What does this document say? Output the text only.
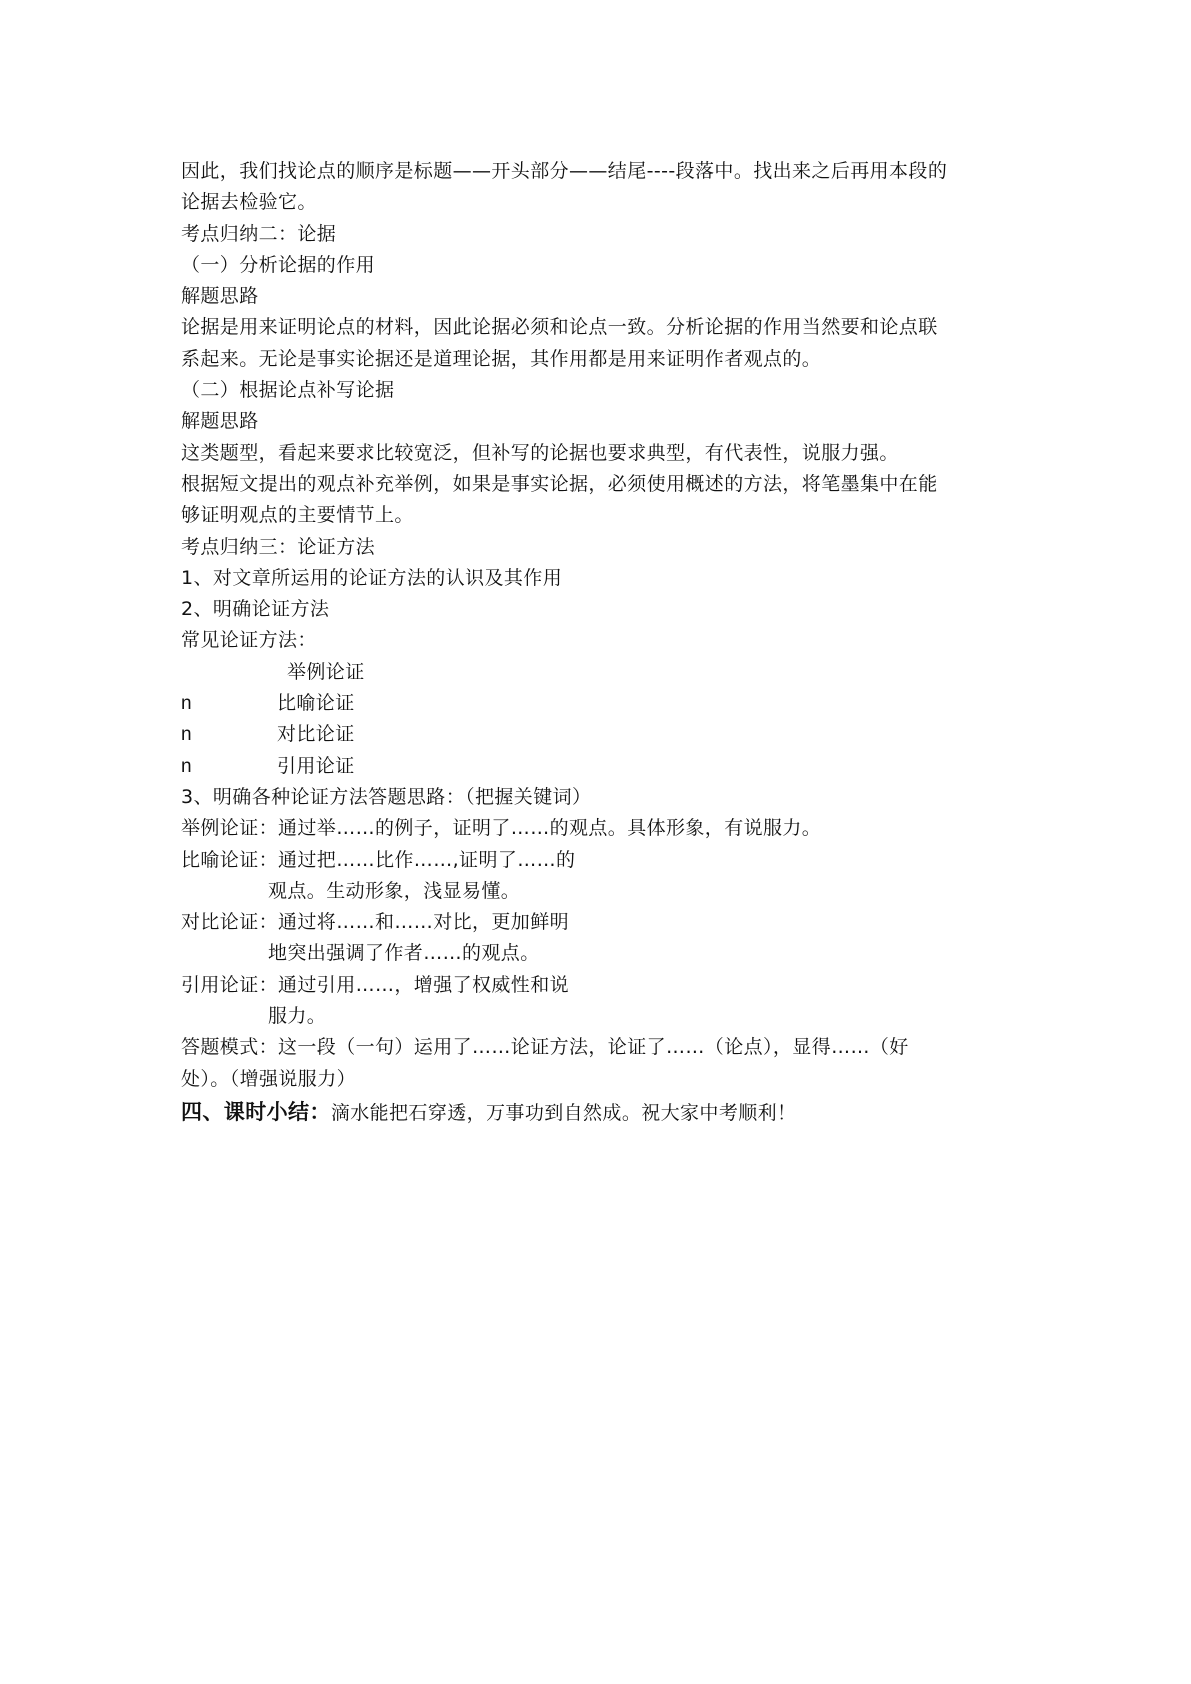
因此，我们找论点的顺序是标题——开头部分——结尾----段落中。找出来之后再用本段的

论据去检验它。

考点归纳二：论据

（一）分析论据的作用

解题思路

论据是用来证明论点的材料，因此论据必须和论点一致。分析论据的作用当然要和论点联

系起来。无论是事实论据还是道理论据，其作用都是用来证明作者观点的。

（二）根据论点补写论据

解题思路

这类题型，看起来要求比较宽泛，但补写的论据也要求典型，有代表性，说服力强。

根据短文提出的观点补充举例，如果是事实论据，必须使用概述的方法，将笔墨集中在能

够证明观点的主要情节上。

考点归纳三：论证方法

1、对文章所运用的论证方法的认识及其作用

2、明确论证方法

常见论证方法：

举例论证
n	比喻论证
n	对比论证
n	引用论证

3、明确各种论证方法答题思路：（把握关键词）

举例论证：通过举……的例子，证明了……的观点。具体形象，有说服力。

比喻论证：通过把……比作……,证明了……的

观点。生动形象，浅显易懂。

对比论证：通过将……和……对比，更加鲜明

地突出强调了作者……的观点。

引用论证：通过引用……，增强了权威性和说

服力。

答题模式：这一段（一句）运用了……论证方法，论证了……（论点），显得……（好

处）。（增强说服力）

四、课时小结：滴水能把石穿透，万事功到自然成。祝大家中考顺利！
